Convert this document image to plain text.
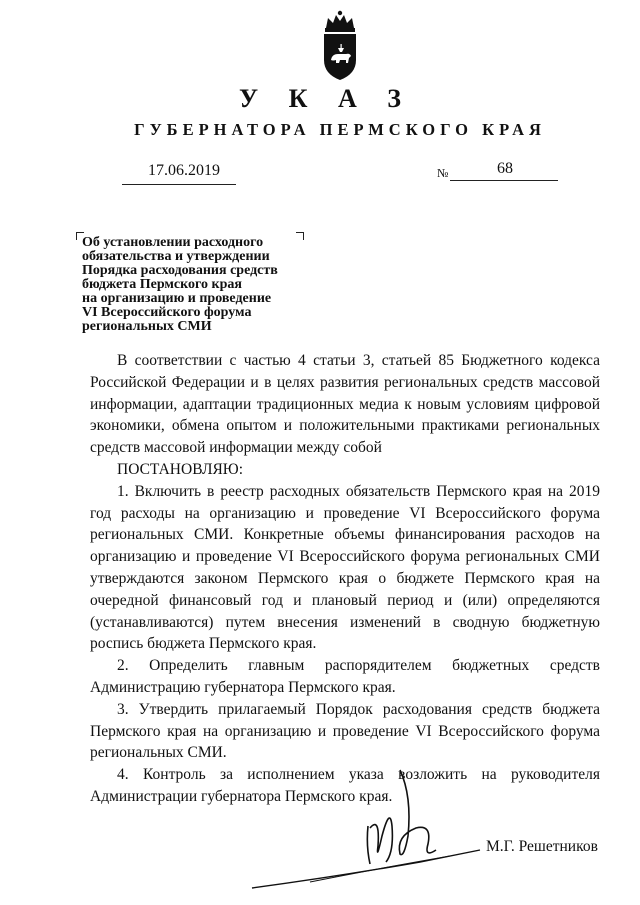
У К А З
ГУБЕРНАТОРА ПЕРМСКОГО КРАЯ
17.06.2019	№	68
Об установлении расходного
обязательства и утверждении
Порядка расходования средств
бюджета Пермского края
на организацию и проведение
VI Всероссийского форума
региональных СМИ

В соответствии с частью 4 статьи 3, статьей 85 Бюджетного кодекса Российской Федерации и в целях развития региональных средств массовой информации, адаптации традиционных медиа к новым условиям цифровой экономики, обмена опытом и положительными практиками региональных средств массовой информации между собой

ПОСТАНОВЛЯЮ:

1. Включить в реестр расходных обязательств Пермского края на 2019 год расходы на организацию и проведение VI Всероссийского форума региональных СМИ. Конкретные объемы финансирования расходов на организацию и проведение VI Всероссийского форума региональных СМИ утверждаются законом Пермского края о бюджете Пермского края на очередной финансовый год и плановый период и (или) определяются (устанавливаются) путем внесения изменений в сводную бюджетную роспись бюджета Пермского края.

2. Определить главным распорядителем бюджетных средств Администрацию губернатора Пермского края.

3. Утвердить прилагаемый Порядок расходования средств бюджета Пермского края на организацию и проведение VI Всероссийского форума региональных СМИ.

4. Контроль за исполнением указа возложить на руководителя Администрации губернатора Пермского края.

М.Г. Решетников
